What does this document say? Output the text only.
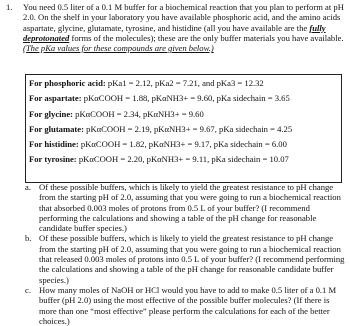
1. You need 0.5 liter of a 0.1 M buffer for a biochemical reaction that you plan to perform at pH 2.0. On the shelf in your laboratory you have available phosphoric acid, and the amino acids aspartate, glycine, glutamate, tyrosine, and histidine (all you have available are the fully deprotonated forms of the molecules); these are the only buffer materials you have available. (The pKa values for these compounds are given below.)
For phosphoric acid: pKa1 = 2.12, pKa2 = 7.21, and pKa3 = 12.32
For aspartate: pKαCOOH = 1.88, pKαNH3+ = 9.60, pKa sidechain = 3.65
For glycine: pKαCOOH = 2.34, pKαNH3+ = 9.60
For glutamate: pKαCOOH = 2.19, pKαNH3+ = 9.67, pKa sidechain = 4.25
For histidine: pKαCOOH = 1.82, pKαNH3+ = 9.17, pKa sidechain = 6.00
For tyrosine: pKαCOOH = 2.20, pKαNH3+ = 9.11, pKa sidechain = 10.07

a. Of these possible buffers, which is likely to yield the greatest resistance to pH change from the starting pH of 2.0, assuming that you were going to run a biochemical reaction that absorbed 0.003 moles of protons from 0.5 L of your buffer? (I recommend performing the calculations and showing a table of the pH change for reasonable candidate buffer species.)

b. Of these possible buffers, which is likely to yield the greatest resistance to pH change from the starting pH of 2.0, assuming that you were going to run a biochemical reaction that released 0.003 moles of protons into 0.5 L of your buffer? (I recommend performing the calculations and showing a table of the pH change for reasonable candidate buffer species.)

c. How many moles of NaOH or HCl would you have to add to make 0.5 liter of a 0.1 M buffer (pH 2.0) using the most effective of the possible buffer molecules? (If there is more than one “most effective” please perform the calculations for each of the better choices.)
